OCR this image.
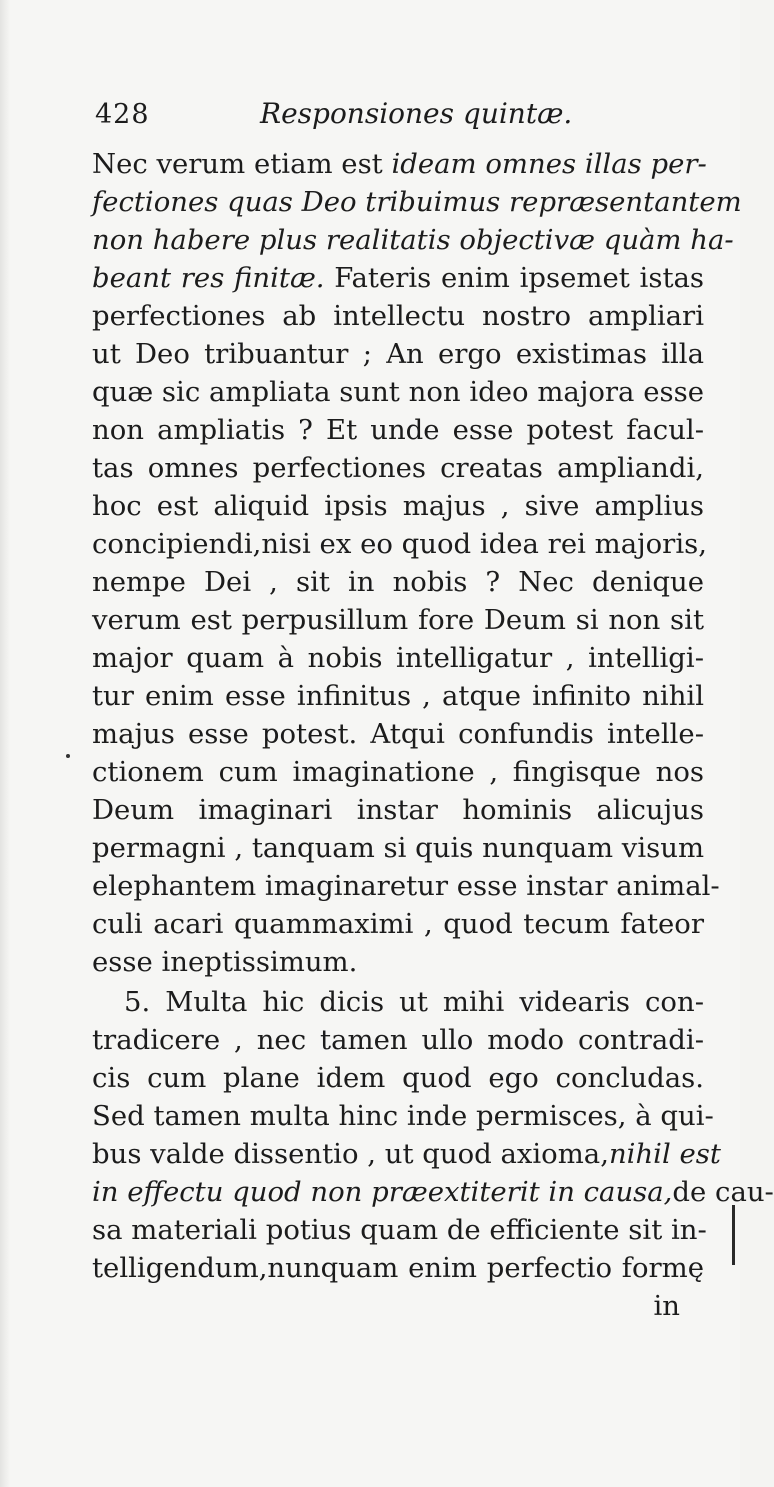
428	Responsiones quintæ.
Nec verum etiam est ideam omnes illas per-
fectiones quas Deo tribuimus repræsentantem
non habere plus realitatis objectivæ quàm ha-
beant res finitæ. Fateris enim ipsemet istas
perfectiones ab intellectu nostro ampliari
ut Deo tribuantur ; An ergo existimas illa
quæ sic ampliata sunt non ideo majora esse
non ampliatis ? Et unde esse potest facul-
tas omnes perfectiones creatas ampliandi,
hoc est aliquid ipsis majus , sive amplius
concipiendi,nisi ex eo quod idea rei majoris,
nempe Dei , sit in nobis ? Nec denique
verum est perpusillum fore Deum si non sit
major quam à nobis intelligatur , intelligi-
tur enim esse infinitus , atque infinito nihil
majus esse potest. Atqui confundis intelle-
ctionem cum imaginatione , fingisque nos
Deum imaginari instar hominis alicujus
permagni , tanquam si quis nunquam visum
elephantem imaginaretur esse instar animal-
culi acari quammaximi , quod tecum fateor
esse ineptissimum.
5. Multa hic dicis ut mihi videaris con-
tradicere , nec tamen ullo modo contradi-
cis cum plane idem quod ego concludas.
Sed tamen multa hinc inde permisces, à qui-
bus valde dissentio , ut quod axioma,nihil est
in effectu quod non præextiterit in causa,de cau-
sa materiali potius quam de efficiente sit in-
telligendum,nunquam enim perfectio formę
in
